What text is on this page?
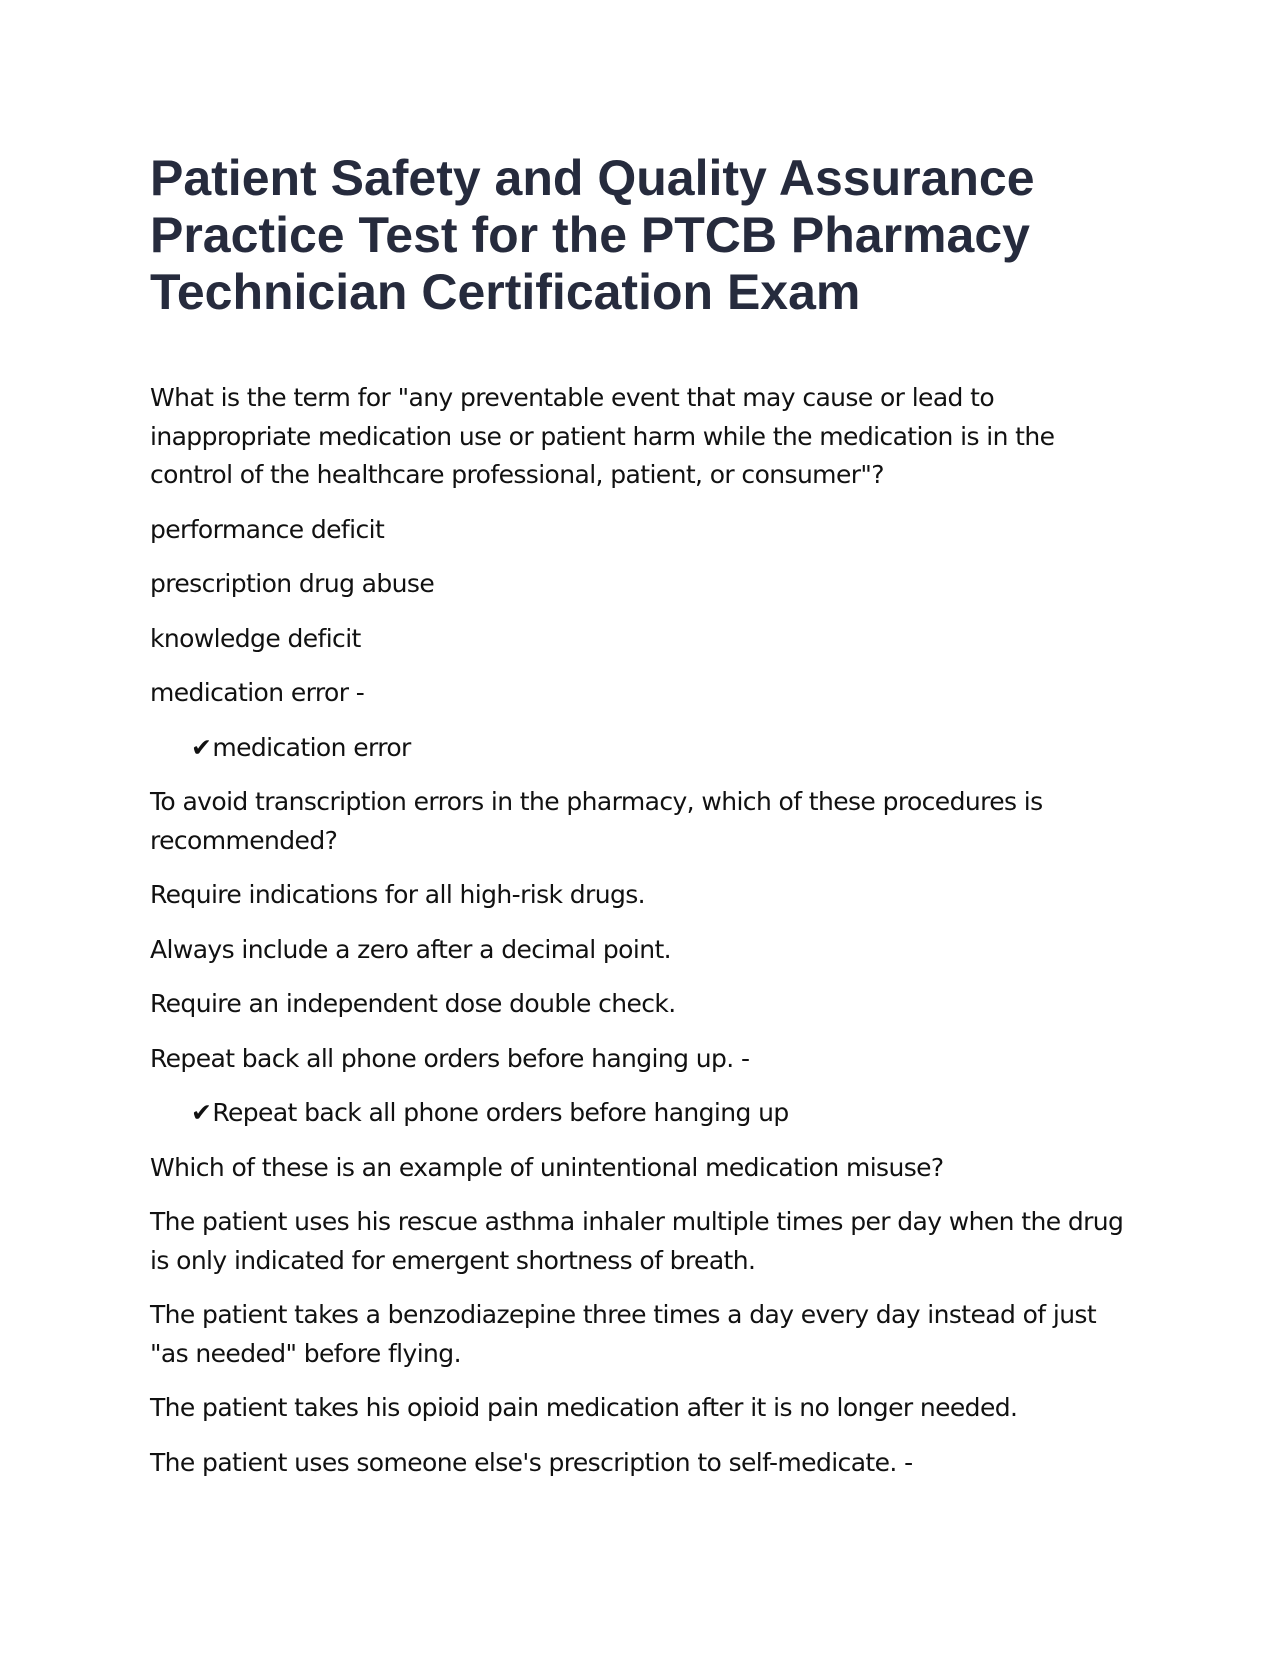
Patient Safety and Quality Assurance Practice Test for the PTCB Pharmacy Technician Certification Exam

What is the term for "any preventable event that may cause or lead to inappropriate medication use or patient harm while the medication is in the control of the healthcare professional, patient, or consumer"?

performance deficit

prescription drug abuse

knowledge deficit

medication error -

✔medication error

To avoid transcription errors in the pharmacy, which of these procedures is recommended?

Require indications for all high-risk drugs.

Always include a zero after a decimal point.

Require an independent dose double check.

Repeat back all phone orders before hanging up. -

✔Repeat back all phone orders before hanging up

Which of these is an example of unintentional medication misuse?

The patient uses his rescue asthma inhaler multiple times per day when the drug is only indicated for emergent shortness of breath.

The patient takes a benzodiazepine three times a day every day instead of just "as needed" before flying.

The patient takes his opioid pain medication after it is no longer needed.

The patient uses someone else's prescription to self-medicate. -
